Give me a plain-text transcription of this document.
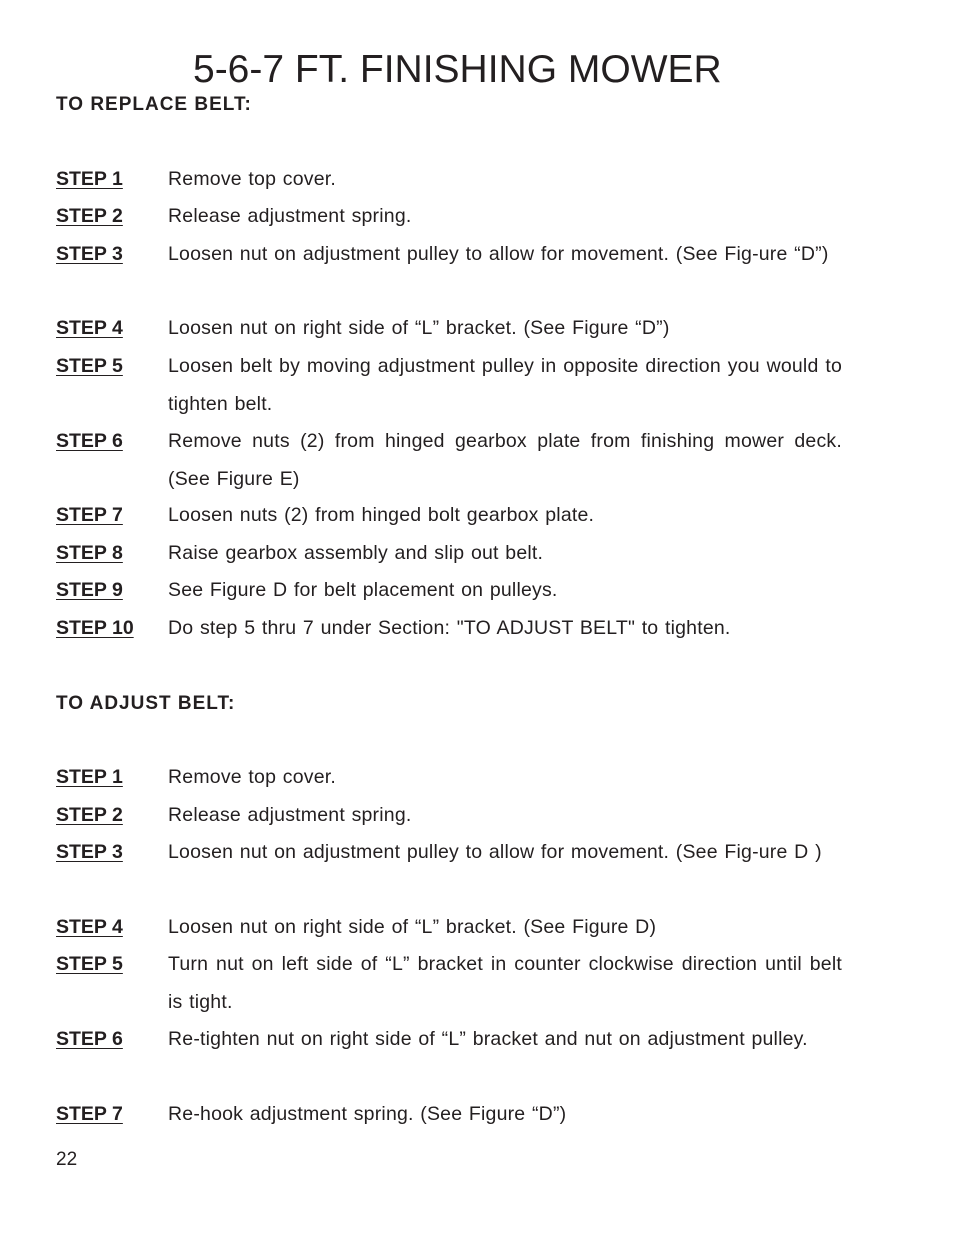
5-6-7 FT. FINISHING MOWER
TO REPLACE BELT:
STEP 1 Remove top cover.
STEP 2 Release adjustment spring.
STEP 3 Loosen nut on adjustment pulley to allow for movement. (See Fig-ure “D”)
STEP 4 Loosen nut on right side of “L” bracket. (See Figure “D”)
STEP 5 Loosen belt by moving adjustment pulley in opposite direction you would to tighten belt.
STEP 6 Remove nuts (2) from hinged gearbox plate from finishing mower deck. (See Figure E)
STEP 7 Loosen nuts (2) from hinged bolt gearbox plate.
STEP 8 Raise gearbox assembly and slip out belt.
STEP 9 See Figure D for belt placement on pulleys.
STEP 10 Do step 5 thru 7 under Section: "TO ADJUST BELT" to tighten.
TO ADJUST BELT:
STEP 1 Remove top cover.
STEP 2 Release adjustment spring.
STEP 3 Loosen nut on adjustment pulley to allow for movement. (See Fig-ure D )
STEP 4 Loosen nut on right side of “L” bracket. (See Figure D)
STEP 5 Turn nut on left side of “L” bracket in counter clockwise direction until belt is tight.
STEP 6 Re-tighten nut on right side of “L” bracket and nut on adjustment pulley.
STEP 7 Re-hook adjustment spring. (See Figure “D”)
22
